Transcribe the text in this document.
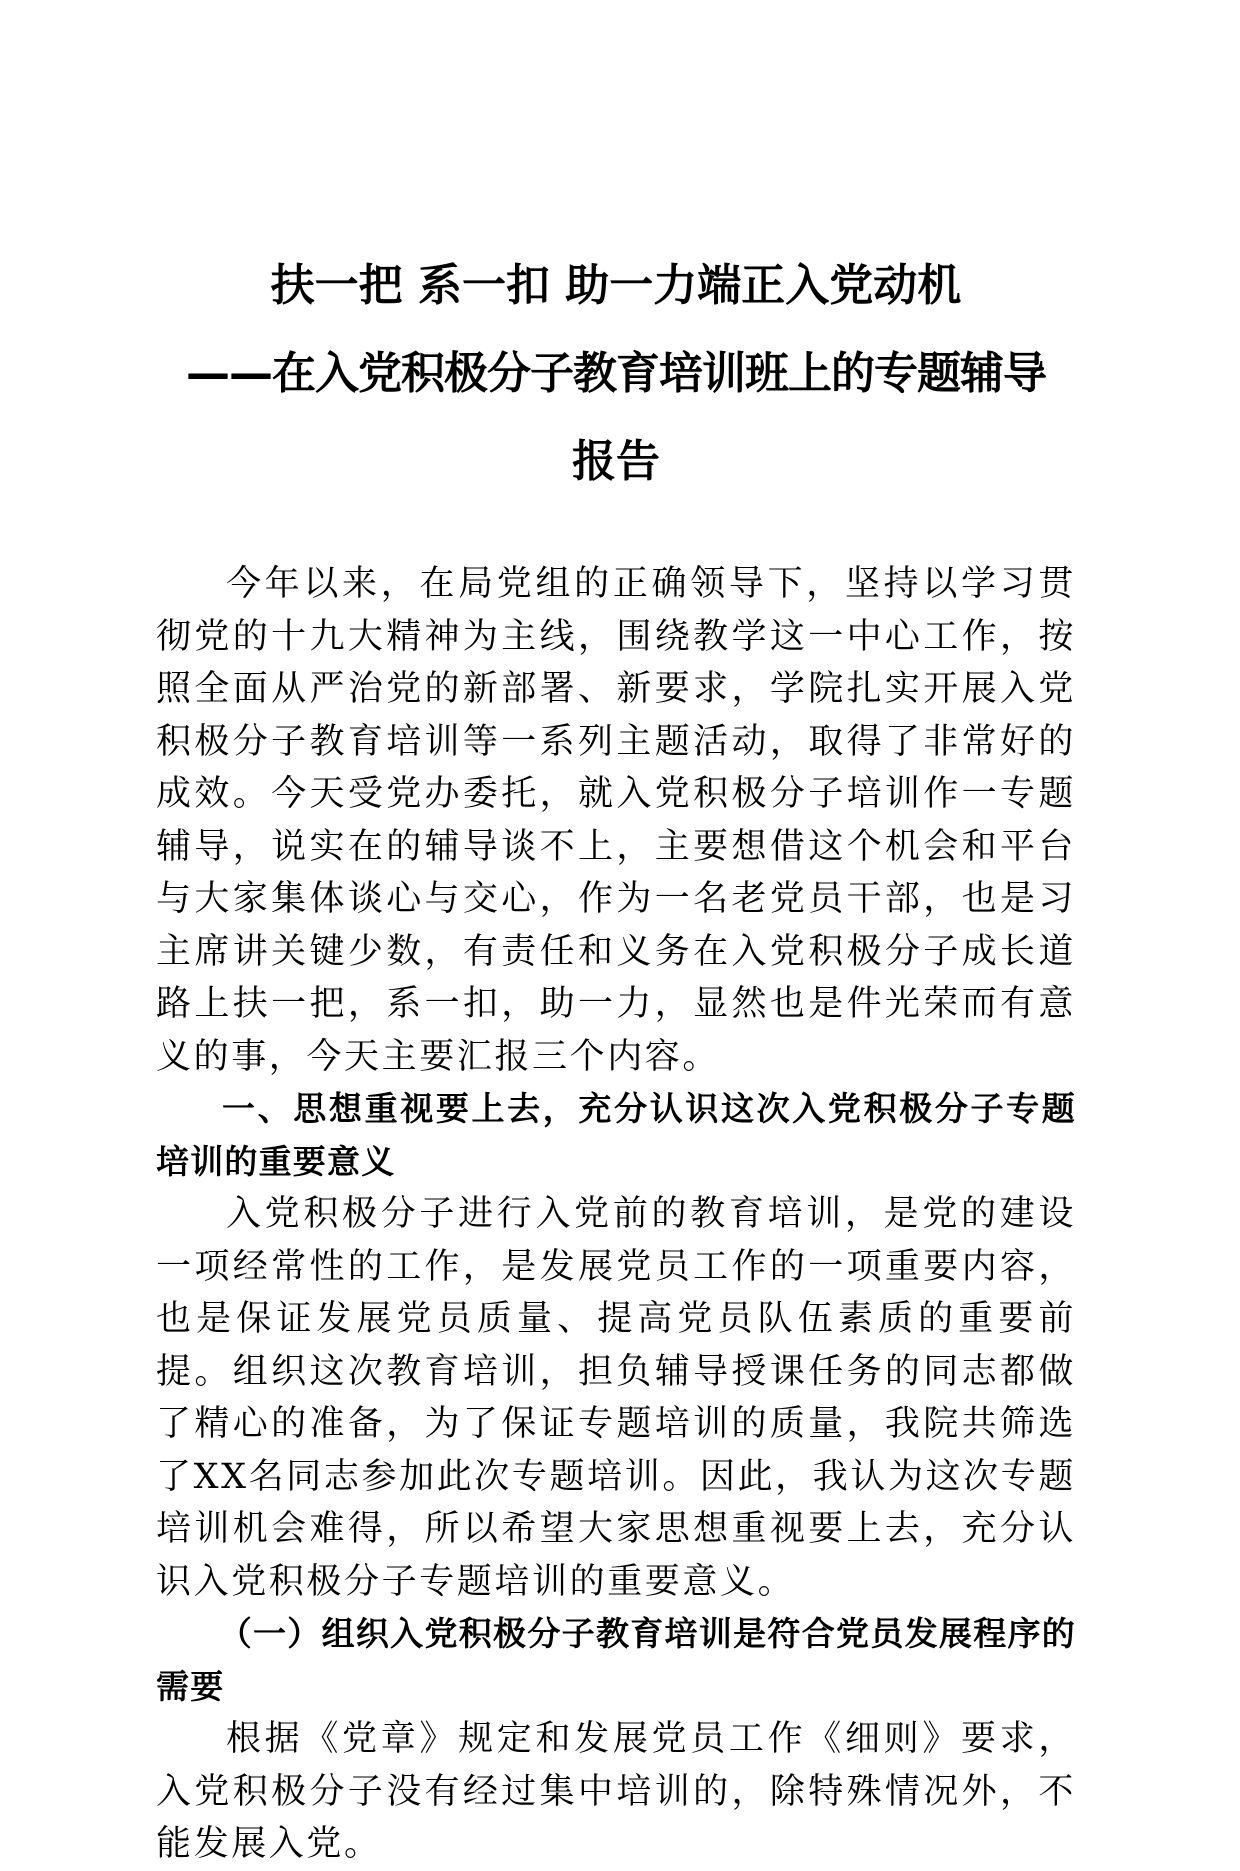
扶一把 系一扣 助一力端正入党动机
——在入党积极分子教育培训班上的专题辅导
报告

今年以来，在局党组的正确领导下，坚持以学习贯彻党的十九大精神为主线，围绕教学这一中心工作，按照全面从严治党的新部署、新要求，学院扎实开展入党积极分子教育培训等一系列主题活动，取得了非常好的成效。今天受党办委托，就入党积极分子培训作一专题辅导，说实在的辅导谈不上，主要想借这个机会和平台与大家集体谈心与交心，作为一名老党员干部，也是习主席讲关键少数，有责任和义务在入党积极分子成长道路上扶一把，系一扣，助一力，显然也是件光荣而有意义的事，今天主要汇报三个内容。

一、思想重视要上去，充分认识这次入党积极分子专题培训的重要意义

入党积极分子进行入党前的教育培训，是党的建设一项经常性的工作，是发展党员工作的一项重要内容，也是保证发展党员质量、提高党员队伍素质的重要前提。组织这次教育培训，担负辅导授课任务的同志都做了精心的准备，为了保证专题培训的质量，我院共筛选了XX名同志参加此次专题培训。因此，我认为这次专题培训机会难得，所以希望大家思想重视要上去，充分认识入党积极分子专题培训的重要意义。

（一）组织入党积极分子教育培训是符合党员发展程序的需要

根据《党章》规定和发展党员工作《细则》要求，入党积极分子没有经过集中培训的，除特殊情况外，不能发展入党。
